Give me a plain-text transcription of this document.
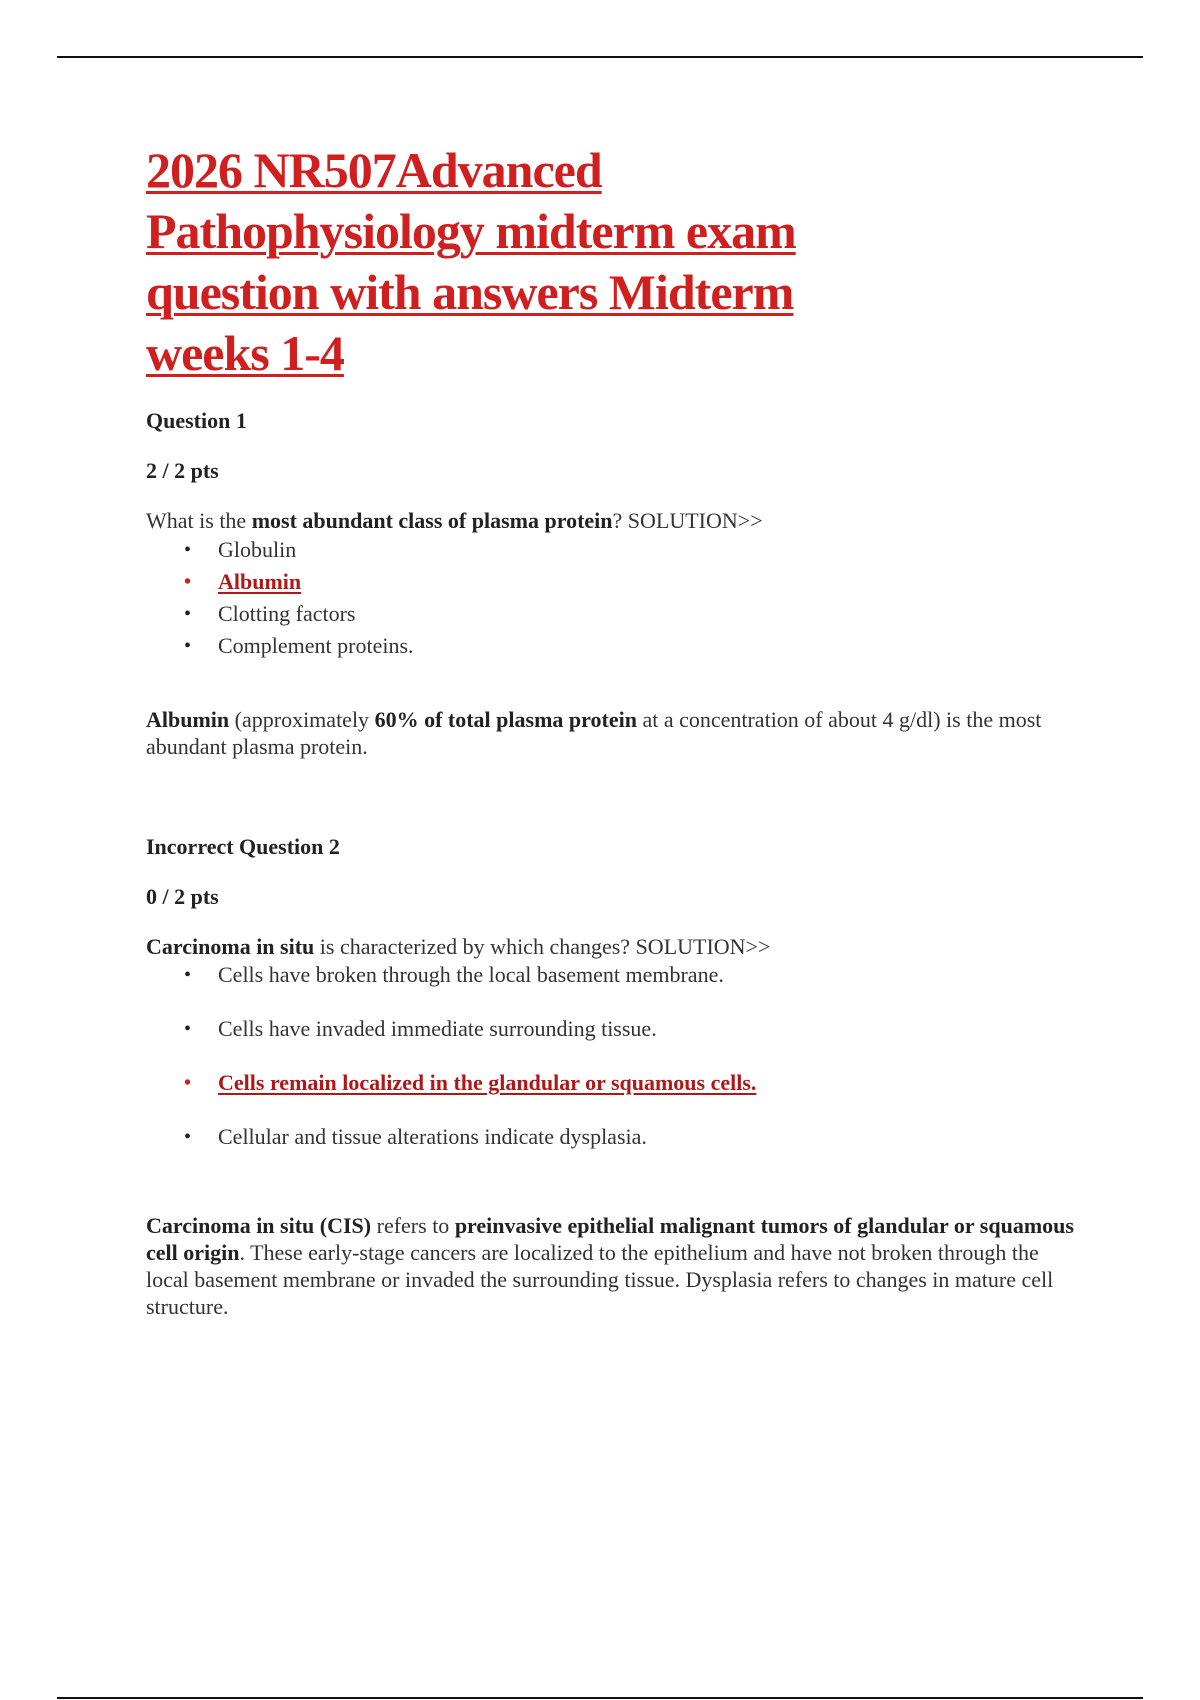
2026 NR507Advanced
Pathophysiology midterm exam
question with answers Midterm
weeks 1-4

Question 1

2 / 2 pts

What is the most abundant class of plasma protein? SOLUTION>>

• Globulin
• Albumin
• Clotting factors
• Complement proteins.

Albumin (approximately 60% of total plasma protein at a concentration of about 4 g/dl) is the most abundant plasma protein.

Incorrect Question 2

0 / 2 pts

Carcinoma in situ is characterized by which changes? SOLUTION>>

• Cells have broken through the local basement membrane.
• Cells have invaded immediate surrounding tissue.
• Cells remain localized in the glandular or squamous cells.
• Cellular and tissue alterations indicate dysplasia.

Carcinoma in situ (CIS) refers to preinvasive epithelial malignant tumors of glandular or squamous cell origin. These early-stage cancers are localized to the epithelium and have not broken through the local basement membrane or invaded the surrounding tissue. Dysplasia refers to changes in mature cell structure.
